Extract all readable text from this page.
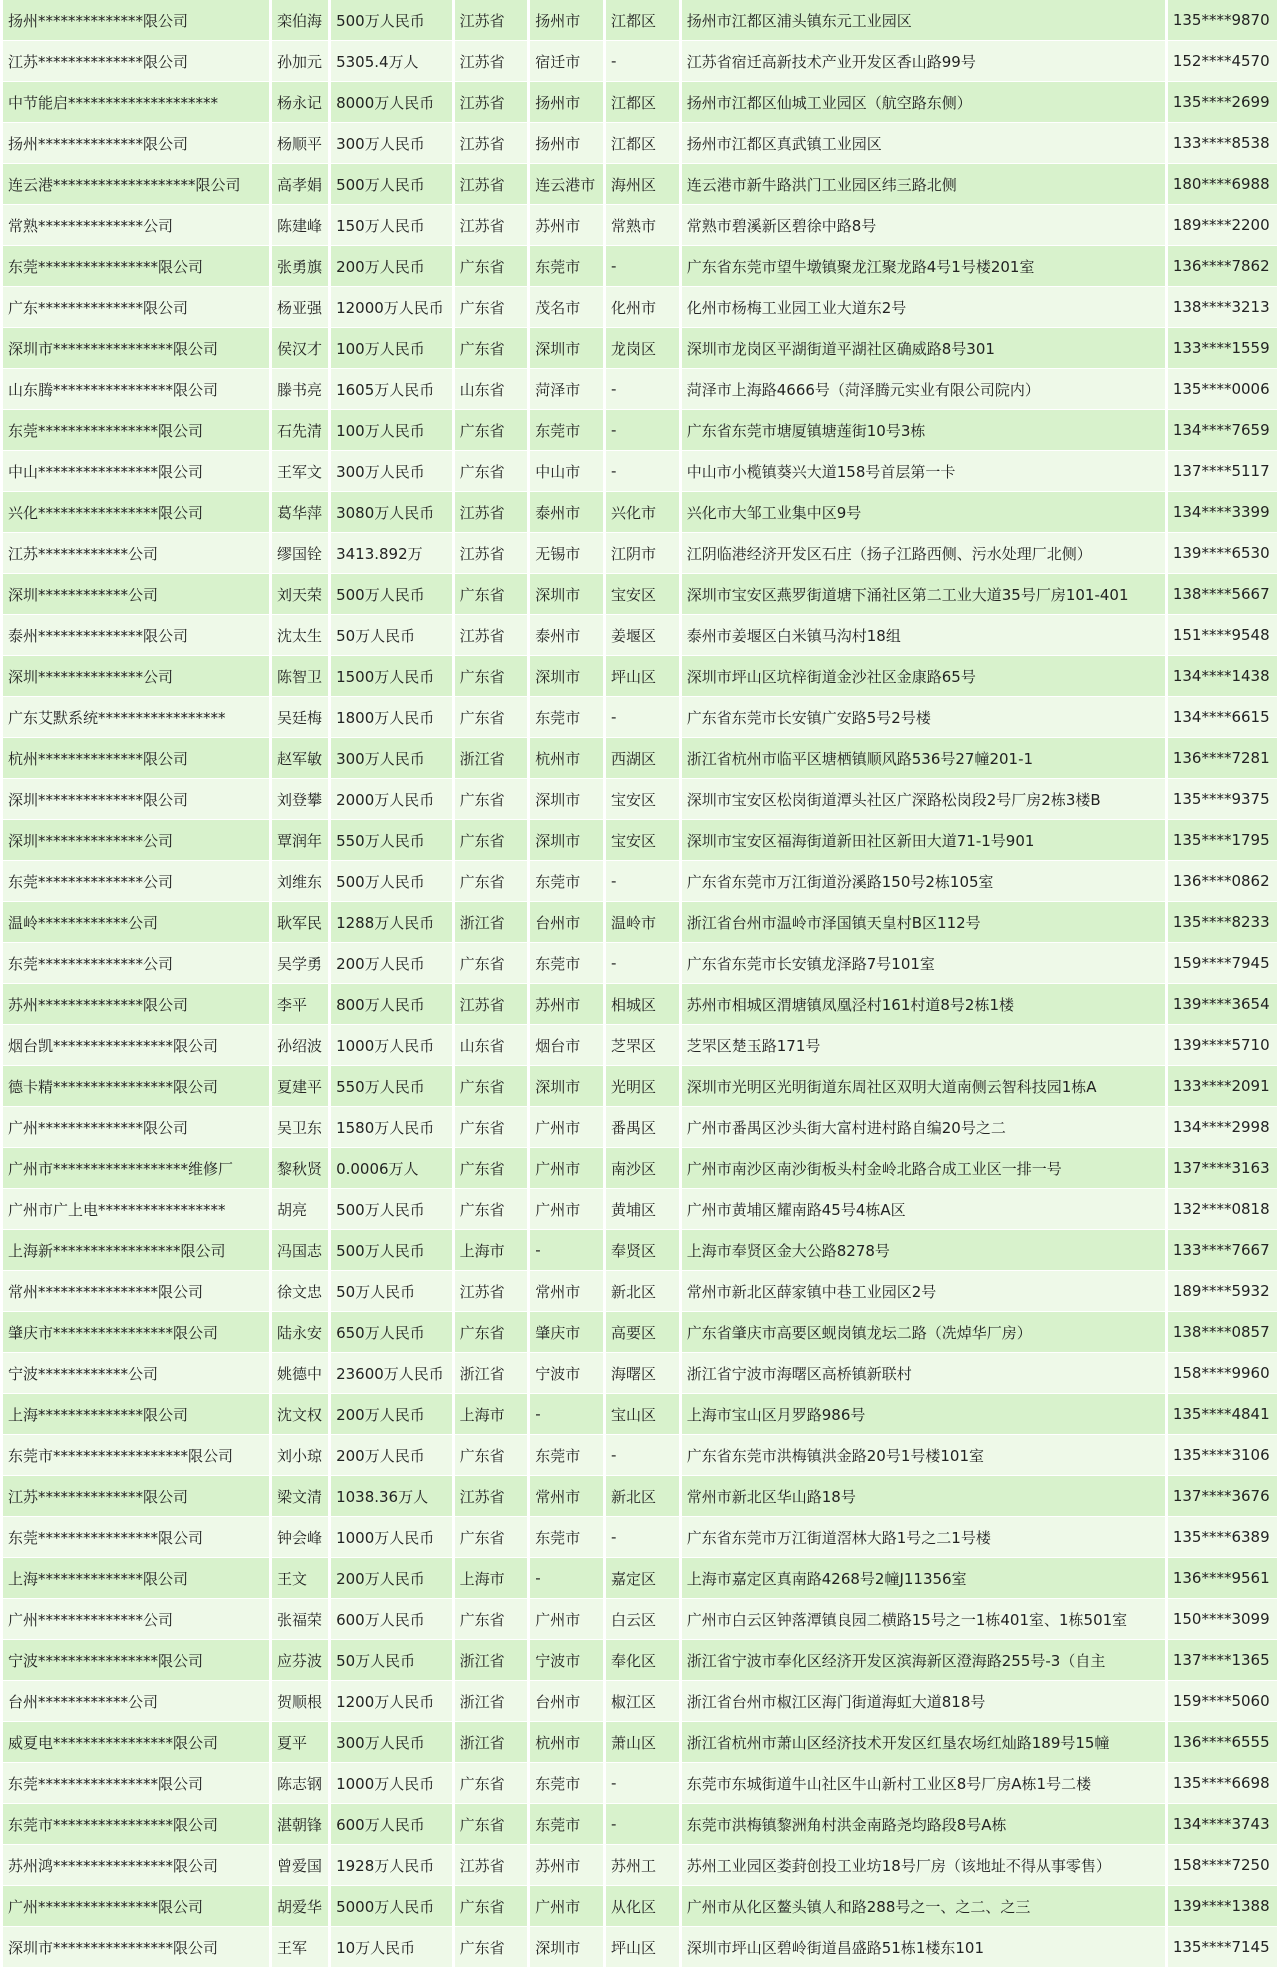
扬州**************限公司	栾伯海	500万人民币	江苏省	扬州市	江都区	扬州市江都区浦头镇东元工业园区	135****9870
江苏**************限公司	孙加元	5305.4万人	江苏省	宿迁市	-	江苏省宿迁高新技术产业开发区香山路99号	152****4570
中节能启********************	杨永记	8000万人民币	江苏省	扬州市	江都区	扬州市江都区仙城工业园区（航空路东侧）	135****2699
扬州**************限公司	杨顺平	300万人民币	江苏省	扬州市	江都区	扬州市江都区真武镇工业园区	133****8538
连云港*******************限公司	高孝娟	500万人民币	江苏省	连云港市	海州区	连云港市新牛路洪门工业园区纬三路北侧	180****6988
常熟**************公司	陈建峰	150万人民币	江苏省	苏州市	常熟市	常熟市碧溪新区碧徐中路8号	189****2200
东莞****************限公司	张勇旗	200万人民币	广东省	东莞市	-	广东省东莞市望牛墩镇聚龙江聚龙路4号1号楼201室	136****7862
广东**************限公司	杨亚强	12000万人民币	广东省	茂名市	化州市	化州市杨梅工业园工业大道东2号	138****3213
深圳市****************限公司	侯汉才	100万人民币	广东省	深圳市	龙岗区	深圳市龙岗区平湖街道平湖社区确威路8号301	133****1559
山东腾****************限公司	滕书亮	1605万人民币	山东省	菏泽市	-	菏泽市上海路4666号（菏泽腾元实业有限公司院内）	135****0006
东莞****************限公司	石先清	100万人民币	广东省	东莞市	-	广东省东莞市塘厦镇塘莲街10号3栋	134****7659
中山****************限公司	王军文	300万人民币	广东省	中山市	-	中山市小榄镇葵兴大道158号首层第一卡	137****5117
兴化****************限公司	葛华萍	3080万人民币	江苏省	泰州市	兴化市	兴化市大邹工业集中区9号	134****3399
江苏************公司	缪国铨	3413.892万	江苏省	无锡市	江阴市	江阴临港经济开发区石庄（扬子江路西侧、污水处理厂北侧）	139****6530
深圳************公司	刘天荣	500万人民币	广东省	深圳市	宝安区	深圳市宝安区燕罗街道塘下涌社区第二工业大道35号厂房101-401	138****5667
泰州**************限公司	沈太生	50万人民币	江苏省	泰州市	姜堰区	泰州市姜堰区白米镇马沟村18组	151****9548
深圳**************公司	陈智卫	1500万人民币	广东省	深圳市	坪山区	深圳市坪山区坑梓街道金沙社区金康路65号	134****1438
广东艾默系统*****************	吴廷梅	1800万人民币	广东省	东莞市	-	广东省东莞市长安镇广安路5号2号楼	134****6615
杭州**************限公司	赵军敏	300万人民币	浙江省	杭州市	西湖区	浙江省杭州市临平区塘栖镇顺风路536号27幢201-1	136****7281
深圳**************限公司	刘登攀	2000万人民币	广东省	深圳市	宝安区	深圳市宝安区松岗街道潭头社区广深路松岗段2号厂房2栋3楼B	135****9375
深圳**************公司	覃润年	550万人民币	广东省	深圳市	宝安区	深圳市宝安区福海街道新田社区新田大道71-1号901	135****1795
东莞**************公司	刘维东	500万人民币	广东省	东莞市	-	广东省东莞市万江街道汾溪路150号2栋105室	136****0862
温岭************公司	耿军民	1288万人民币	浙江省	台州市	温岭市	浙江省台州市温岭市泽国镇天皇村B区112号	135****8233
东莞**************公司	吴学勇	200万人民币	广东省	东莞市	-	广东省东莞市长安镇龙泽路7号101室	159****7945
苏州**************限公司	李平	800万人民币	江苏省	苏州市	相城区	苏州市相城区渭塘镇凤凰泾村161村道8号2栋1楼	139****3654
烟台凯****************限公司	孙绍波	1000万人民币	山东省	烟台市	芝罘区	芝罘区楚玉路171号	139****5710
德卡精****************限公司	夏建平	550万人民币	广东省	深圳市	光明区	深圳市光明区光明街道东周社区双明大道南侧云智科技园1栋A	133****2091
广州**************限公司	吴卫东	1580万人民币	广东省	广州市	番禺区	广州市番禺区沙头街大富村进村路自编20号之二	134****2998
广州市******************维修厂	黎秋贤	0.0006万人	广东省	广州市	南沙区	广州市南沙区南沙街板头村金岭北路合成工业区一排一号	137****3163
广州市广上电*****************	胡亮	500万人民币	广东省	广州市	黄埔区	广州市黄埔区耀南路45号4栋A区	132****0818
上海新*****************限公司	冯国志	500万人民币	上海市	-	奉贤区	上海市奉贤区金大公路8278号	133****7667
常州****************限公司	徐文忠	50万人民币	江苏省	常州市	新北区	常州市新北区薛家镇中巷工业园区2号	189****5932
肇庆市****************限公司	陆永安	650万人民币	广东省	肇庆市	高要区	广东省肇庆市高要区蚬岗镇龙坛二路（冼焯华厂房）	138****0857
宁波************公司	姚德中	23600万人民币	浙江省	宁波市	海曙区	浙江省宁波市海曙区高桥镇新联村	158****9960
上海**************限公司	沈文权	200万人民币	上海市	-	宝山区	上海市宝山区月罗路986号	135****4841
东莞市******************限公司	刘小琼	200万人民币	广东省	东莞市	-	广东省东莞市洪梅镇洪金路20号1号楼101室	135****3106
江苏**************限公司	梁文清	1038.36万人	江苏省	常州市	新北区	常州市新北区华山路18号	137****3676
东莞****************限公司	钟会峰	1000万人民币	广东省	东莞市	-	广东省东莞市万江街道滘林大路1号之二1号楼	135****6389
上海**************限公司	王文	200万人民币	上海市	-	嘉定区	上海市嘉定区真南路4268号2幢J11356室	136****9561
广州**************公司	张福荣	600万人民币	广东省	广州市	白云区	广州市白云区钟落潭镇良园二横路15号之一1栋401室、1栋501室	150****3099
宁波****************限公司	应芬波	50万人民币	浙江省	宁波市	奉化区	浙江省宁波市奉化区经济开发区滨海新区澄海路255号-3（自主	137****1365
台州************公司	贺顺根	1200万人民币	浙江省	台州市	椒江区	浙江省台州市椒江区海门街道海虹大道818号	159****5060
威夏电****************限公司	夏平	300万人民币	浙江省	杭州市	萧山区	浙江省杭州市萧山区经济技术开发区红垦农场红灿路189号15幢	136****6555
东莞****************限公司	陈志钢	1000万人民币	广东省	东莞市	-	东莞市东城街道牛山社区牛山新村工业区8号厂房A栋1号二楼	135****6698
东莞市****************限公司	湛朝锋	600万人民币	广东省	东莞市	-	东莞市洪梅镇黎洲角村洪金南路尧均路段8号A栋	134****3743
苏州鸿****************限公司	曾爱国	1928万人民币	江苏省	苏州市	苏州工	苏州工业园区娄葑创投工业坊18号厂房（该地址不得从事零售）	158****7250
广州****************限公司	胡爱华	5000万人民币	广东省	广州市	从化区	广州市从化区鳌头镇人和路288号之一、之二、之三	139****1388
深圳市****************限公司	王军	10万人民币	广东省	深圳市	坪山区	深圳市坪山区碧岭街道昌盛路51栋1楼东101	135****7145
